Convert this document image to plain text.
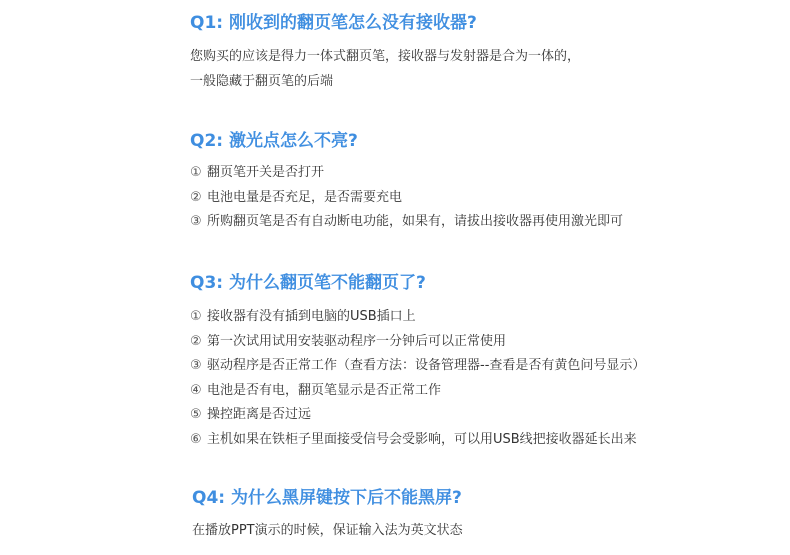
Q1: 刚收到的翻页笔怎么没有接收器?
您购买的应该是得力一体式翻页笔，接收器与发射器是合为一体的，
一般隐藏于翻页笔的后端
Q2: 激光点怎么不亮?
① 翻页笔开关是否打开
② 电池电量是否充足，是否需要充电
③ 所购翻页笔是否有自动断电功能，如果有，请拔出接收器再使用激光即可
Q3: 为什么翻页笔不能翻页了?
① 接收器有没有插到电脑的USB插口上
② 第一次试用试用安装驱动程序一分钟后可以正常使用
③ 驱动程序是否正常工作（查看方法：设备管理器--查看是否有黄色问号显示）
④ 电池是否有电，翻页笔显示是否正常工作
⑤ 操控距离是否过远
⑥ 主机如果在铁柜子里面接受信号会受影响，可以用USB线把接收器延长出来
Q4: 为什么黑屏键按下后不能黑屏?
在播放PPT演示的时候，保证输入法为英文状态
